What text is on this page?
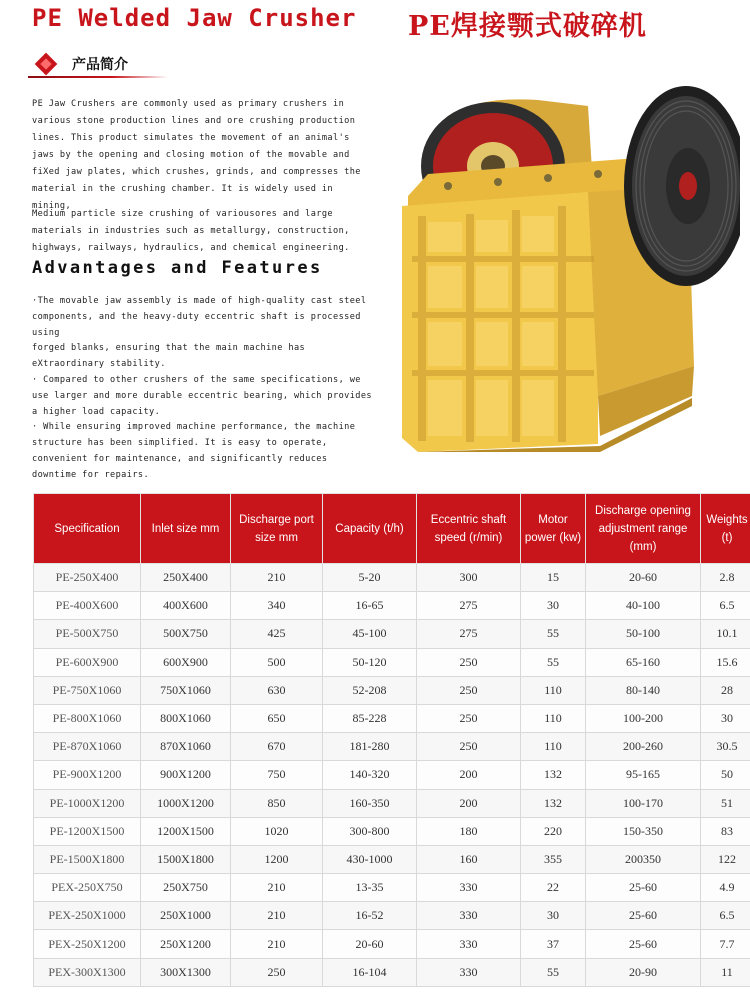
PE Welded Jaw Crusher PE焊接颚式破碎机
产品简介
PE Jaw Crushers are commonly used as primary crushers in
various stone production lines and ore crushing production
lines. This product simulates the movement of an animal's
jaws by the opening and closing motion of the movable and
fiXed jaw plates, which crushes, grinds, and compresses the
material in the crushing chamber. It is widely used in mining,
Medium particle size crushing of variousores and large
materials in industries such as metallurgy, construction,
highways, railways, hydraulics, and chemical engineering.
Advantages and Features
·The movable jaw assembly is made of high-quality cast steel
components, and the heavy-duty eccentric shaft is processed
using
forged blanks, ensuring that the main machine has
eXtraordinary stability.
· Compared to other crushers of the same specifications, we
use larger and more durable eccentric bearing, which provides
a higher load capacity.
· While ensuring improved machine performance, the machine
structure has been simplified. It is easy to operate,
convenient for maintenance, and significantly reduces
downtime for repairs.
Specification	Inlet size mm	Discharge port size mm	Capacity (t/h)	Eccentric shaft speed (r/min)	Motor power (kw)	Discharge opening adjustment range (mm)	Weights (t)
PE-250X400	250X400	210	5-20	300	15	20-60	2.8
PE-400X600	400X600	340	16-65	275	30	40-100	6.5
PE-500X750	500X750	425	45-100	275	55	50-100	10.1
PE-600X900	600X900	500	50-120	250	55	65-160	15.6
PE-750X1060	750X1060	630	52-208	250	110	80-140	28
PE-800X1060	800X1060	650	85-228	250	110	100-200	30
PE-870X1060	870X1060	670	181-280	250	110	200-260	30.5
PE-900X1200	900X1200	750	140-320	200	132	95-165	50
PE-1000X1200	1000X1200	850	160-350	200	132	100-170	51
PE-1200X1500	1200X1500	1020	300-800	180	220	150-350	83
PE-1500X1800	1500X1800	1200	430-1000	160	355	200350	122
PEX-250X750	250X750	210	13-35	330	22	25-60	4.9
PEX-250X1000	250X1000	210	16-52	330	30	25-60	6.5
PEX-250X1200	250X1200	210	20-60	330	37	25-60	7.7
PEX-300X1300	300X1300	250	16-104	330	55	20-90	11
